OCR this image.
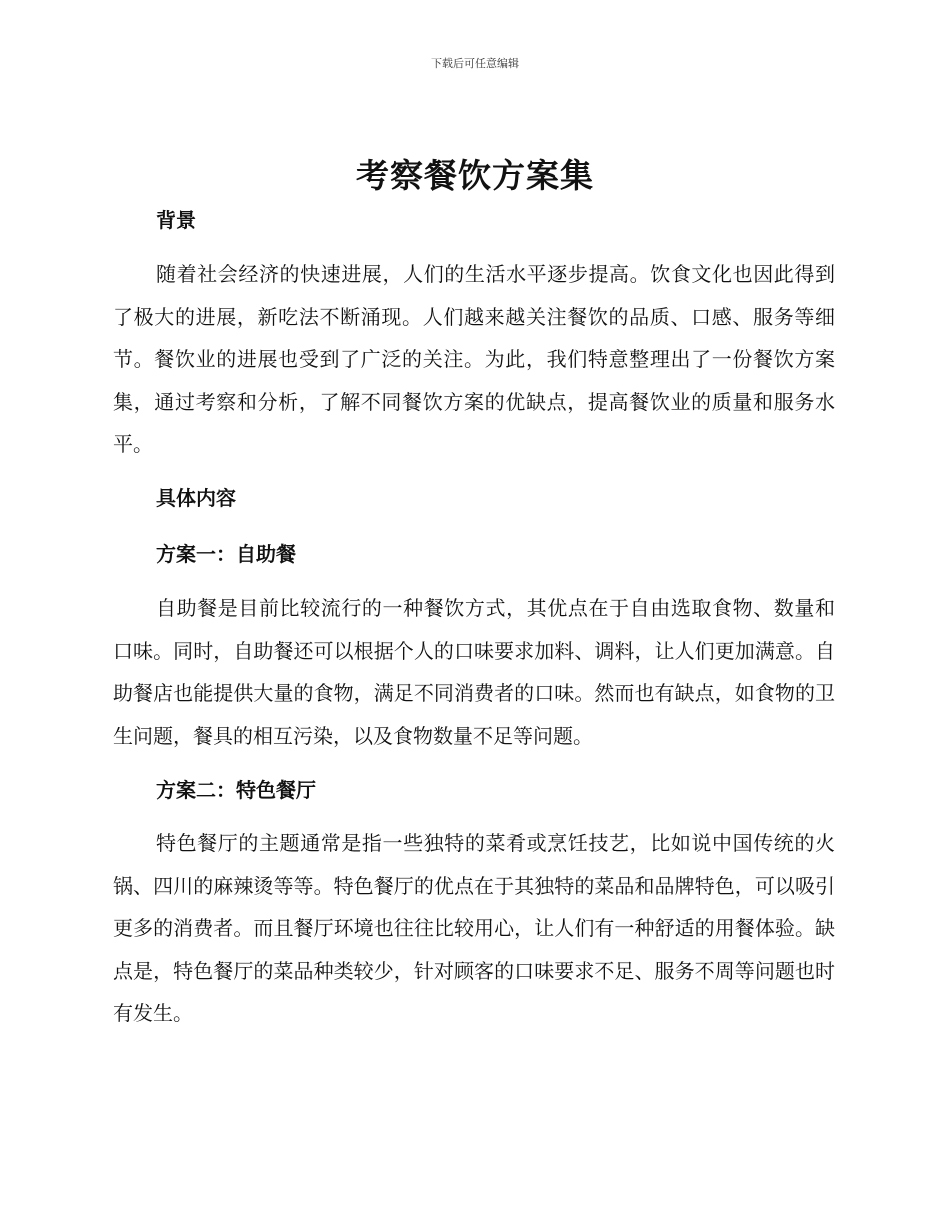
下载后可任意编辑
考察餐饮方案集
背景

随着社会经济的快速进展，人们的生活水平逐步提高。饮食文化也因此得到了极大的进展，新吃法不断涌现。人们越来越关注餐饮的品质、口感、服务等细节。餐饮业的进展也受到了广泛的关注。为此，我们特意整理出了一份餐饮方案集，通过考察和分析，了解不同餐饮方案的优缺点，提高餐饮业的质量和服务水平。

具体内容
方案一：自助餐

自助餐是目前比较流行的一种餐饮方式，其优点在于自由选取食物、数量和口味。同时，自助餐还可以根据个人的口味要求加料、调料，让人们更加满意。自助餐店也能提供大量的食物，满足不同消费者的口味。然而也有缺点，如食物的卫生问题，餐具的相互污染，以及食物数量不足等问题。

方案二：特色餐厅

特色餐厅的主题通常是指一些独特的菜肴或烹饪技艺，比如说中国传统的火锅、四川的麻辣烫等等。特色餐厅的优点在于其独特的菜品和品牌特色，可以吸引更多的消费者。而且餐厅环境也往往比较用心，让人们有一种舒适的用餐体验。缺点是，特色餐厅的菜品种类较少，针对顾客的口味要求不足、服务不周等问题也时有发生。
